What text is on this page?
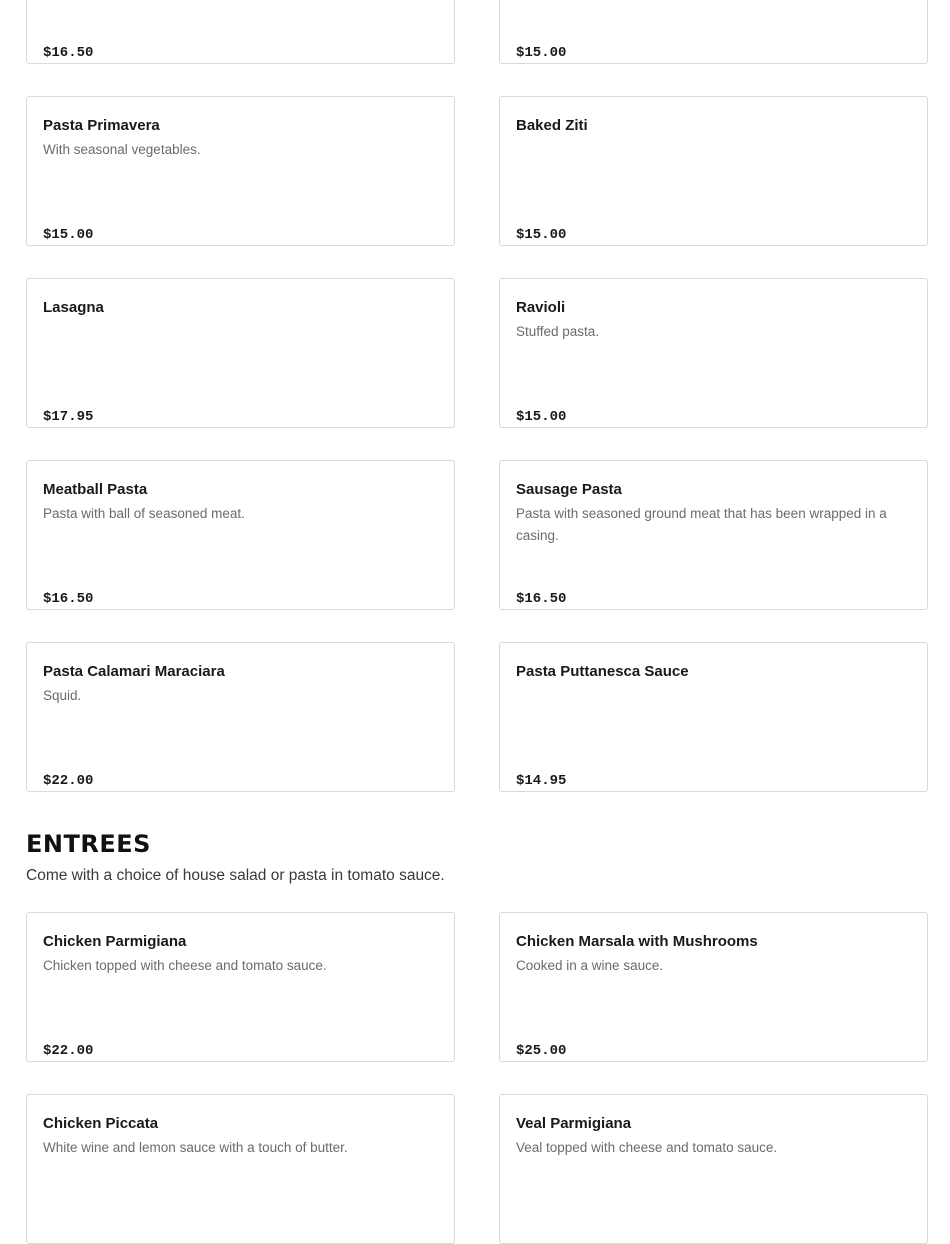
$16.50	$15.00
Pasta Primavera
With seasonal vegetables.
$15.00
Baked Ziti
$15.00
Lasagna
$17.95
Ravioli
Stuffed pasta.
$15.00
Meatball Pasta
Pasta with ball of seasoned meat.
$16.50
Sausage Pasta
Pasta with seasoned ground meat that has been wrapped in a casing.
$16.50
Pasta Calamari Maraciara
Squid.
$22.00
Pasta Puttanesca Sauce
$14.95
ENTREES
Come with a choice of house salad or pasta in tomato sauce.
Chicken Parmigiana
Chicken topped with cheese and tomato sauce.
$22.00
Chicken Marsala with Mushrooms
Cooked in a wine sauce.
$25.00
Chicken Piccata
White wine and lemon sauce with a touch of butter.
Veal Parmigiana
Veal topped with cheese and tomato sauce.
